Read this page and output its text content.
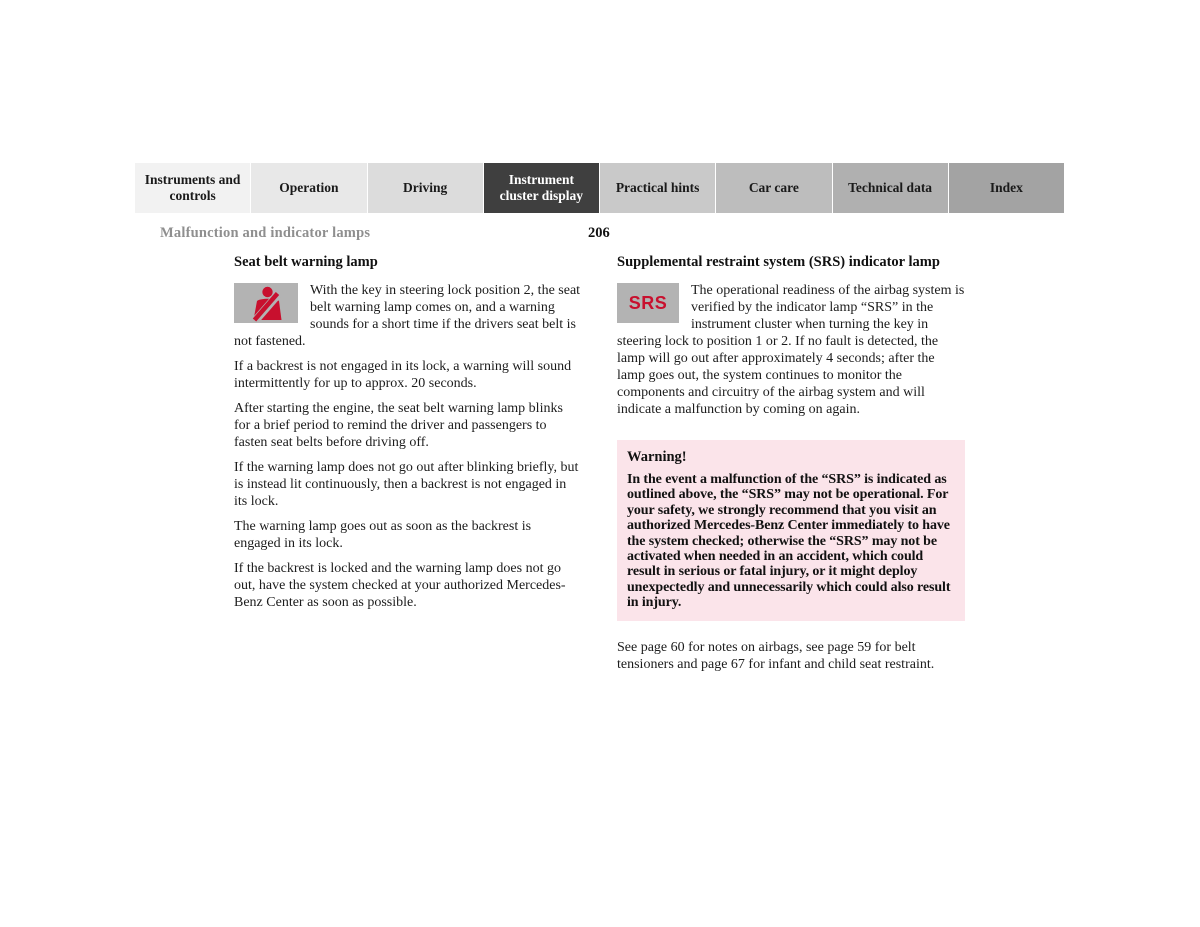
Instruments and controls
Operation	Driving
Instrument cluster display
Practical hints	Car care	Technical data	Index
Malfunction and indicator lamps	206
Seat belt warning lamp

With the key in steering lock position 2, the seat belt warning lamp comes on, and a warning sounds for a short time if the drivers seat belt is not fastened.

If a backrest is not engaged in its lock, a warning will sound intermittently for up to approx. 20 seconds.

After starting the engine, the seat belt warning lamp blinks for a brief period to remind the driver and passengers to fasten seat belts before driving off.

If the warning lamp does not go out after blinking briefly, but is instead lit continuously, then a backrest is not engaged in its lock.

The warning lamp goes out as soon as the backrest is engaged in its lock.

If the backrest is locked and the warning lamp does not go out, have the system checked at your authorized Mercedes-Benz Center as soon as possible.

Supplemental restraint system (SRS) indicator lamp

SRS
The operational readiness of the airbag system is verified by the indicator lamp “SRS” in the instrument cluster when turning the key in steering lock to position 1 or 2. If no fault is detected, the lamp will go out after approximately 4 seconds; after the lamp goes out, the system continues to monitor the components and circuitry of the airbag system and will indicate a malfunction by coming on again.

Warning!

In the event a malfunction of the “SRS” is indicated as outlined above, the “SRS” may not be operational. For your safety, we strongly recommend that you visit an authorized Mercedes-Benz Center immediately to have the system checked; otherwise the “SRS” may not be activated when needed in an accident, which could result in serious or fatal injury, or it might deploy unexpectedly and unnecessarily which could also result in injury.

See page 60 for notes on airbags, see page 59 for belt tensioners and page 67 for infant and child seat restraint.
